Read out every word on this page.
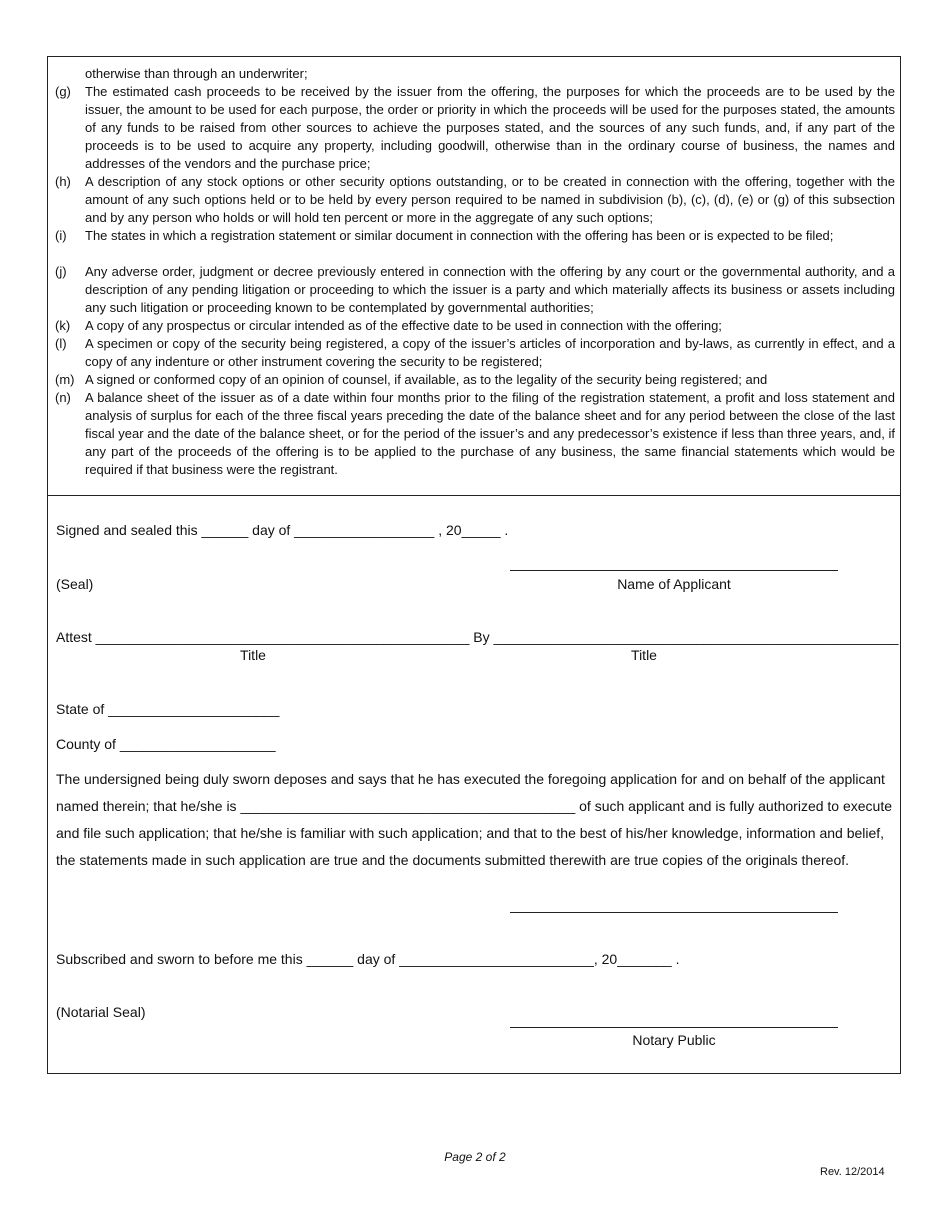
otherwise than through an underwriter;
(g) The estimated cash proceeds to be received by the issuer from the offering, the purposes for which the proceeds are to be used by the issuer, the amount to be used for each purpose, the order or priority in which the proceeds will be used for the purposes stated, the amounts of any funds to be raised from other sources to achieve the purposes stated, and the sources of any such funds, and, if any part of the proceeds is to be used to acquire any property, including goodwill, otherwise than in the ordinary course of business, the names and addresses of the vendors and the purchase price;
(h) A description of any stock options or other security options outstanding, or to be created in connection with the offering, together with the amount of any such options held or to be held by every person required to be named in subdivision (b), (c), (d), (e) or (g) of this subsection and by any person who holds or will hold ten percent or more in the aggregate of any such options;
(i) The states in which a registration statement or similar document in connection with the offering has been or is expected to be filed;
(j) Any adverse order, judgment or decree previously entered in connection with the offering by any court or the governmental authority, and a description of any pending litigation or proceeding to which the issuer is a party and which materially affects its business or assets including any such litigation or proceeding known to be contemplated by governmental authorities;
(k) A copy of any prospectus or circular intended as of the effective date to be used in connection with the offering;
(l) A specimen or copy of the security being registered, a copy of the issuer’s articles of incorporation and by-laws, as currently in effect, and a copy of any indenture or other instrument covering the security to be registered;
(m) A signed or conformed copy of an opinion of counsel, if available, as to the legality of the security being registered; and
(n) A balance sheet of the issuer as of a date within four months prior to the filing of the registration statement, a profit and loss statement and analysis of surplus for each of the three fiscal years preceding the date of the balance sheet and for any period between the close of the last fiscal year and the date of the balance sheet, or for the period of the issuer’s and any predecessor’s existence if less than three years, and, if any part of the proceeds of the offering is to be applied to the purchase of any business, the same financial statements which would be required if that business were the registrant.
Signed and sealed this ______ day of __________________ , 20_____ .
(Seal)	Name of Applicant
Attest ________________________________________________ By ____________________________________________________
Title	Title
State of ______________________
County of ____________________
The undersigned being duly sworn deposes and says that he has executed the foregoing application for and on behalf of the applicant named therein; that he/she is ___________________________________________ of such applicant and is fully authorized to execute and file such application; that he/she is familiar with such application; and that to the best of his/her knowledge, information and belief, the statements made in such application are true and the documents submitted therewith are true copies of the originals thereof.
Subscribed and sworn to before me this ______ day of _________________________, 20_______ .
(Notarial Seal)
Notary Public
Page 2 of 2
Rev. 12/2014
